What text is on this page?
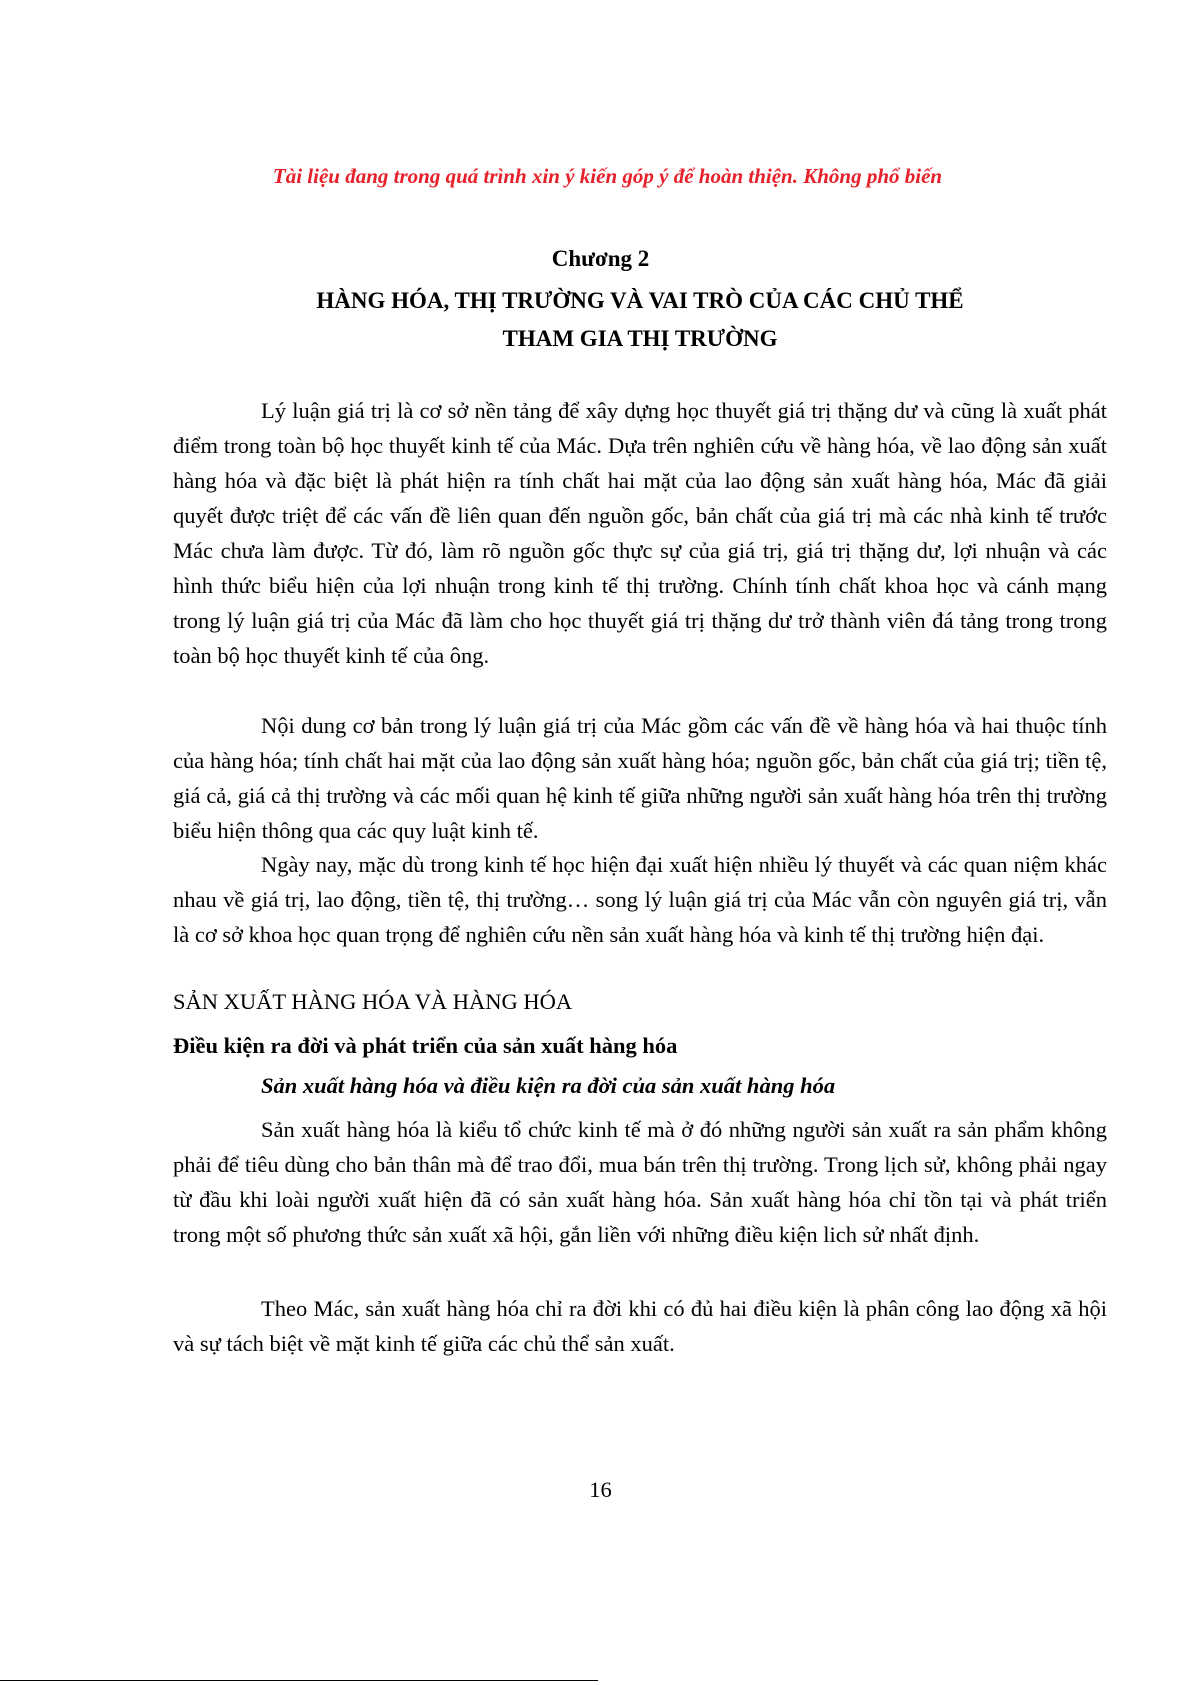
Tài liệu đang trong quá trình xin ý kiến góp ý để hoàn thiện. Không phổ biến
Chương 2
HÀNG HÓA, THỊ TRƯỜNG VÀ VAI TRÒ CỦA CÁC CHỦ THỂ
THAM GIA THỊ TRƯỜNG

Lý luận giá trị là cơ sở nền tảng để xây dựng học thuyết giá trị thặng dư và cũng là xuất phát điểm trong toàn bộ học thuyết kinh tế của Mác. Dựa trên nghiên cứu về hàng hóa, về lao động sản xuất hàng hóa và đặc biệt là phát hiện ra tính chất hai mặt của lao động sản xuất hàng hóa, Mác đã giải quyết được triệt để các vấn đề liên quan đến nguồn gốc, bản chất của giá trị mà các nhà kinh tế trước Mác chưa làm được. Từ đó, làm rõ nguồn gốc thực sự của giá trị, giá trị thặng dư, lợi nhuận và các hình thức biểu hiện của lợi nhuận trong kinh tế thị trường. Chính tính chất khoa học và cánh mạng trong lý luận giá trị của Mác đã làm cho học thuyết giá trị thặng dư trở thành viên đá tảng trong trong toàn bộ học thuyết kinh tế của ông.

Nội dung cơ bản trong lý luận giá trị của Mác gồm các vấn đề về hàng hóa và hai thuộc tính của hàng hóa; tính chất hai mặt của lao động sản xuất hàng hóa; nguồn gốc, bản chất của giá trị; tiền tệ, giá cả, giá cả thị trường và các mối quan hệ kinh tế giữa những người sản xuất hàng hóa trên thị trường biểu hiện thông qua các quy luật kinh tế.

Ngày nay, mặc dù trong kinh tế học hiện đại xuất hiện nhiều lý thuyết và các quan niệm khác nhau về giá trị, lao động, tiền tệ, thị trường… song lý luận giá trị của Mác vẫn còn nguyên giá trị, vẫn là cơ sở khoa học quan trọng để nghiên cứu nền sản xuất hàng hóa và kinh tế thị trường hiện đại.

SẢN XUẤT HÀNG HÓA VÀ HÀNG HÓA
Điều kiện ra đời và phát triển của sản xuất hàng hóa
Sản xuất hàng hóa và điều kiện ra đời của sản xuất hàng hóa

Sản xuất hàng hóa là kiểu tổ chức kinh tế mà ở đó những người sản xuất ra sản phẩm không phải để tiêu dùng cho bản thân mà để trao đổi, mua bán trên thị trường. Trong lịch sử, không phải ngay từ đầu khi loài người xuất hiện đã có sản xuất hàng hóa. Sản xuất hàng hóa chỉ tồn tại và phát triển trong một số phương thức sản xuất xã hội, gắn liền với những điều kiện lich sử nhất định.

Theo Mác, sản xuất hàng hóa chỉ ra đời khi có đủ hai điều kiện là phân công lao động xã hội và sự tách biệt về mặt kinh tế giữa các chủ thể sản xuất.

16
